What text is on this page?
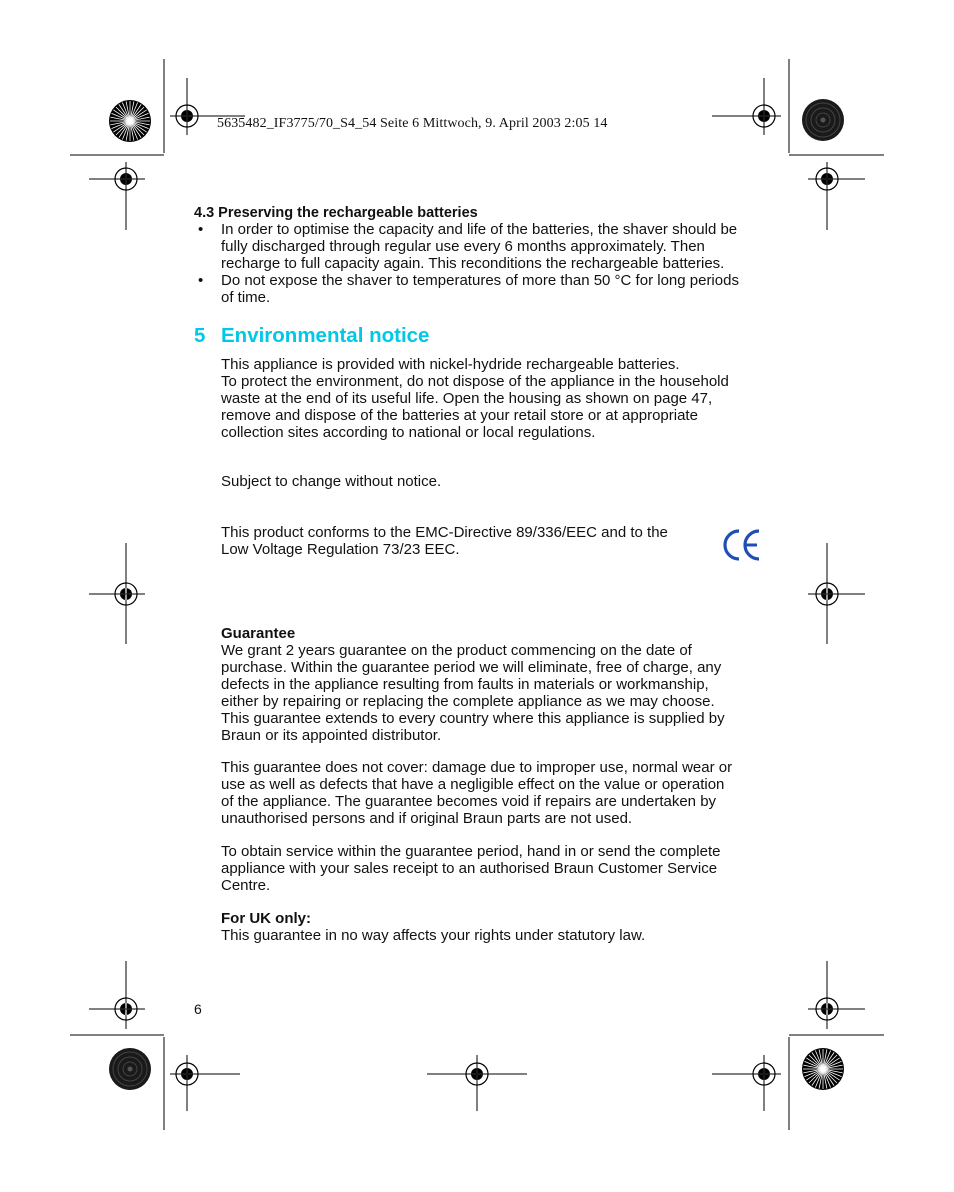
5635482_IF3775/70_S4_54 Seite 6 Mittwoch, 9. April 2003 2:05 14
4.3 Preserving the rechargeable batteries
• In order to optimise the capacity and life of the batteries, the shaver should be
fully discharged through regular use every 6 months approximately. Then
recharge to full capacity again. This reconditions the rechargeable batteries.
• Do not expose the shaver to temperatures of more than 50 °C for long periods
of time.
5 Environmental notice
This appliance is provided with nickel-hydride rechargeable batteries.
To protect the environment, do not dispose of the appliance in the household
waste at the end of its useful life. Open the housing as shown on page 47,
remove and dispose of the batteries at your retail store or at appropriate
collection sites according to national or local regulations.
Subject to change without notice.
This product conforms to the EMC-Directive 89/336/EEC and to the
Low Voltage Regulation 73/23 EEC.
Guarantee
We grant 2 years guarantee on the product commencing on the date of
purchase. Within the guarantee period we will eliminate, free of charge, any
defects in the appliance resulting from faults in materials or workmanship,
either by repairing or replacing the complete appliance as we may choose.
This guarantee extends to every country where this appliance is supplied by
Braun or its appointed distributor.
This guarantee does not cover: damage due to improper use, normal wear or
use as well as defects that have a negligible effect on the value or operation
of the appliance. The guarantee becomes void if repairs are undertaken by
unauthorised persons and if original Braun parts are not used.
To obtain service within the guarantee period, hand in or send the complete
appliance with your sales receipt to an authorised Braun Customer Service
Centre.
For UK only:
This guarantee in no way affects your rights under statutory law.
6
